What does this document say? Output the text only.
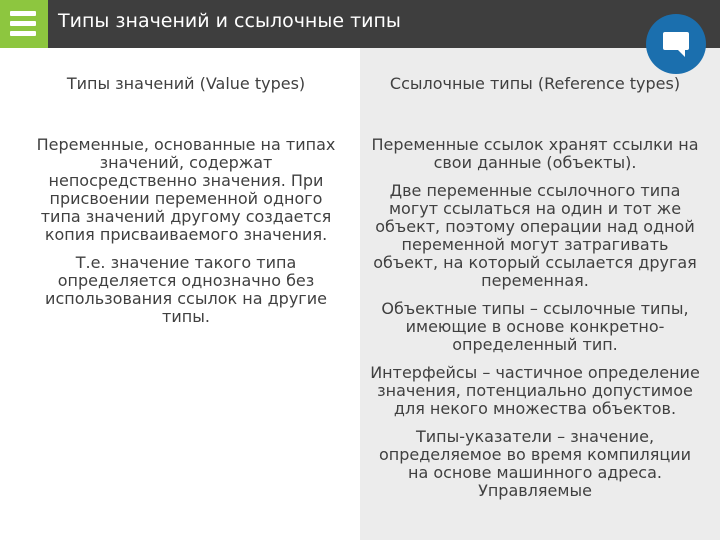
Типы значений и ссылочные типы
Типы значений (Value types)

Переменные, основанные на типах значений, содержат непосредственно значения. При присвоении переменной одного типа значений другому создается копия присваиваемого значения.

Т.е. значение такого типа определяется однозначно без использования ссылок на другие типы.

Ссылочные типы (Reference types)

Переменные ссылок хранят ссылки на свои данные (объекты).

Две переменные ссылочного типа могут ссылаться на один и тот же объект, поэтому операции над одной переменной могут затрагивать объект, на который ссылается другая переменная.

Объектные типы – ссылочные типы, имеющие в основе конкретно-определенный тип.

Интерфейсы – частичное определение значения, потенциально допустимое для некого множества объектов.

Типы-указатели – значение, определяемое во время компиляции на основе машинного адреса. Управляемые
